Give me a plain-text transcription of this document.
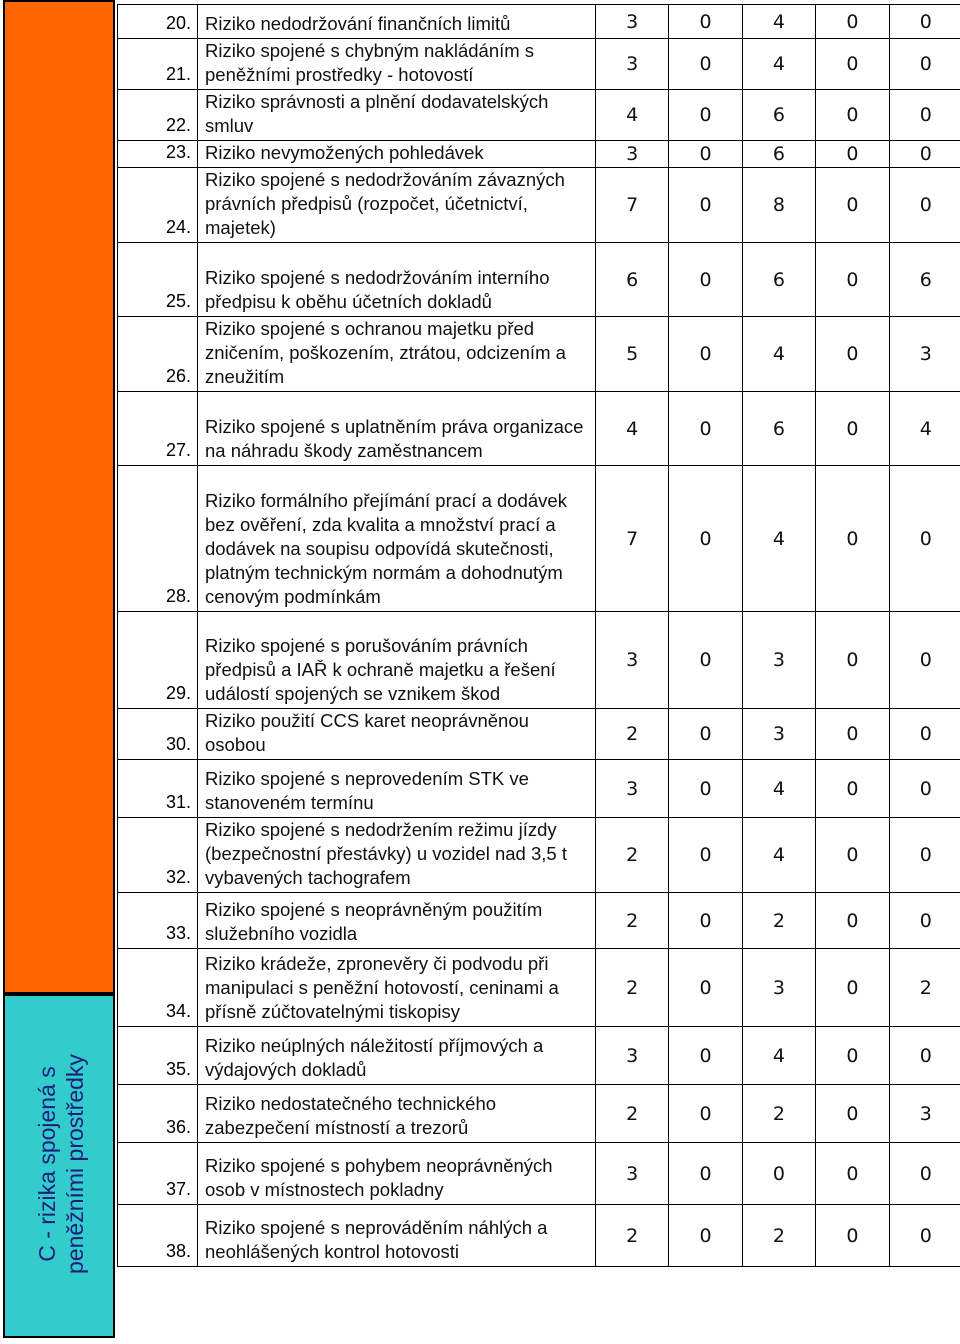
C - rizika spojená s peněžními prostředky
20.	Riziko nedodržování finančních limitů	3	0	4	0	0
21.	Riziko spojené s chybným nakládáním s peněžními prostředky - hotovostí	3	0	4	0	0
22.	Riziko správnosti a plnění dodavatelských smluv	4	0	6	0	0
23.	Riziko nevymožených pohledávek	3	0	6	0	0
24.	Riziko spojené s nedodržováním závazných právních předpisů (rozpočet, účetnictví, majetek)	7	0	8	0	0
25.	Riziko spojené s nedodržováním interního předpisu k oběhu účetních dokladů	6	0	6	0	6
26.	Riziko spojené s ochranou majetku před zničením, poškozením, ztrátou, odcizením a zneužitím	5	0	4	0	3
27.	Riziko spojené s uplatněním práva organizace na náhradu škody zaměstnancem	4	0	6	0	4
28.	Riziko formálního přejímání prací a dodávek bez ověření, zda kvalita a množství prací a dodávek na soupisu odpovídá skutečnosti, platným technickým normám a dohodnutým cenovým podmínkám	7	0	4	0	0
29.	Riziko spojené s porušováním právních předpisů a IAŘ k ochraně majetku a řešení událostí spojených se vznikem škod	3	0	3	0	0
30.	Riziko použití CCS karet neoprávněnou osobou	2	0	3	0	0
31.	Riziko spojené s neprovedením STK ve stanoveném termínu	3	0	4	0	0
32.	Riziko spojené s nedodržením režimu jízdy (bezpečnostní přestávky) u vozidel nad 3,5 t vybavených tachografem	2	0	4	0	0
33.	Riziko spojené s neoprávněným použitím služebního vozidla	2	0	2	0	0
34.	Riziko krádeže, zpronevěry či podvodu při manipulaci s peněžní hotovostí, ceninami a přísně zúčtovatelnými tiskopisy	2	0	3	0	2
35.	Riziko neúplných náležitostí příjmových a výdajových dokladů	3	0	4	0	0
36.	Riziko nedostatečného technického zabezpečení místností a trezorů	2	0	2	0	3
37.	Riziko spojené s pohybem neoprávněných osob v místnostech pokladny	3	0	0	0	0
38.	Riziko spojené s neprováděním náhlých a neohlášených kontrol hotovosti	2	0	2	0	0
